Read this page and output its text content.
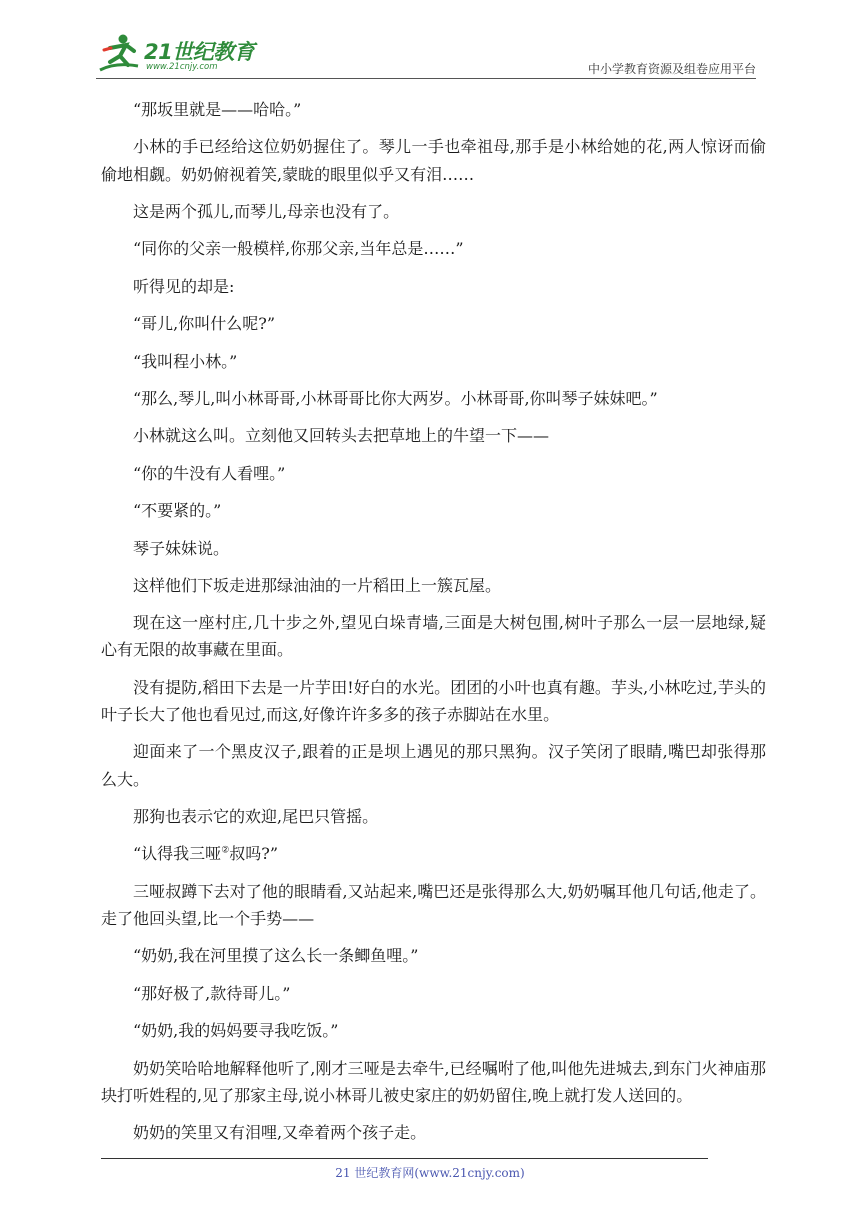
21世纪教育
www.21cnjy.com	中小学教育资源及组卷应用平台

“那坂里就是——哈哈。”

小林的手已经给这位奶奶握住了。琴儿一手也牵祖母,那手是小林给她的花,两人惊讶而偷偷地相觑。奶奶俯视着笑,蒙眬的眼里似乎又有泪……

这是两个孤儿,而琴儿,母亲也没有了。

“同你的父亲一般模样,你那父亲,当年总是……”

听得见的却是:

“哥儿,你叫什么呢?”

“我叫程小林。”

“那么,琴儿,叫小林哥哥,小林哥哥比你大两岁。小林哥哥,你叫琴子妹妹吧。”

小林就这么叫。立刻他又回转头去把草地上的牛望一下——

“你的牛没有人看哩。”

“不要紧的。”

琴子妹妹说。

这样他们下坂走进那绿油油的一片稻田上一簇瓦屋。

现在这一座村庄,几十步之外,望见白垛青墙,三面是大树包围,树叶子那么一层一层地绿,疑心有无限的故事藏在里面。

没有提防,稻田下去是一片芋田!好白的水光。团团的小叶也真有趣。芋头,小林吃过,芋头的叶子长大了他也看见过,而这,好像许许多多的孩子赤脚站在水里。

迎面来了一个黑皮汉子,跟着的正是坝上遇见的那只黑狗。汉子笑闭了眼睛,嘴巴却张得那么大。

那狗也表示它的欢迎,尾巴只管摇。

“认得我三哑②叔吗?”

三哑叔蹲下去对了他的眼睛看,又站起来,嘴巴还是张得那么大,奶奶嘱耳他几句话,他走了。走了他回头望,比一个手势——

“奶奶,我在河里摸了这么长一条鲫鱼哩。”

“那好极了,款待哥儿。”

“奶奶,我的妈妈要寻我吃饭。”

奶奶笑哈哈地解释他听了,刚才三哑是去牵牛,已经嘱咐了他,叫他先进城去,到东门火神庙那块打听姓程的,见了那家主母,说小林哥儿被史家庄的奶奶留住,晚上就打发人送回的。

奶奶的笑里又有泪哩,又牵着两个孩子走。

21 世纪教育网(www.21cnjy.com)
